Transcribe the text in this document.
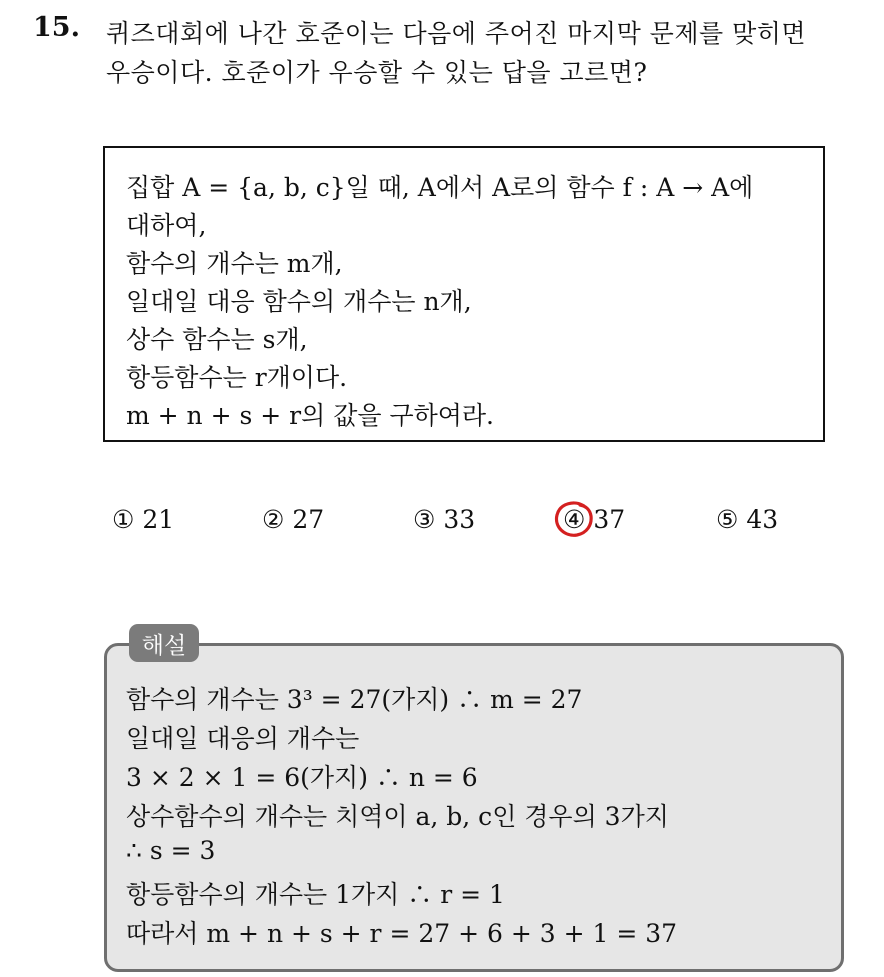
15. 퀴즈대회에 나간 호준이는 다음에 주어진 마지막 문제를 맞히면
우승이다. 호준이가 우승할 수 있는 답을 고르면?
집합 A = {a, b, c}일 때, A에서 A로의 함수 f : A → A에
대하여,
함수의 개수는 m개,
일대일 대응 함수의 개수는 n개,
상수 함수는 s개,
항등함수는 r개이다.
m + n + s + r의 값을 구하여라.
① 21	② 27	③ 33	④ 37	⑤ 43
해설
함수의 개수는 3³ = 27(가지) ∴ m = 27
일대일 대응의 개수는
3 × 2 × 1 = 6(가지) ∴ n = 6
상수함수의 개수는 치역이 a, b, c인 경우의 3가지
∴ s = 3
항등함수의 개수는 1가지 ∴ r = 1
따라서 m + n + s + r = 27 + 6 + 3 + 1 = 37
